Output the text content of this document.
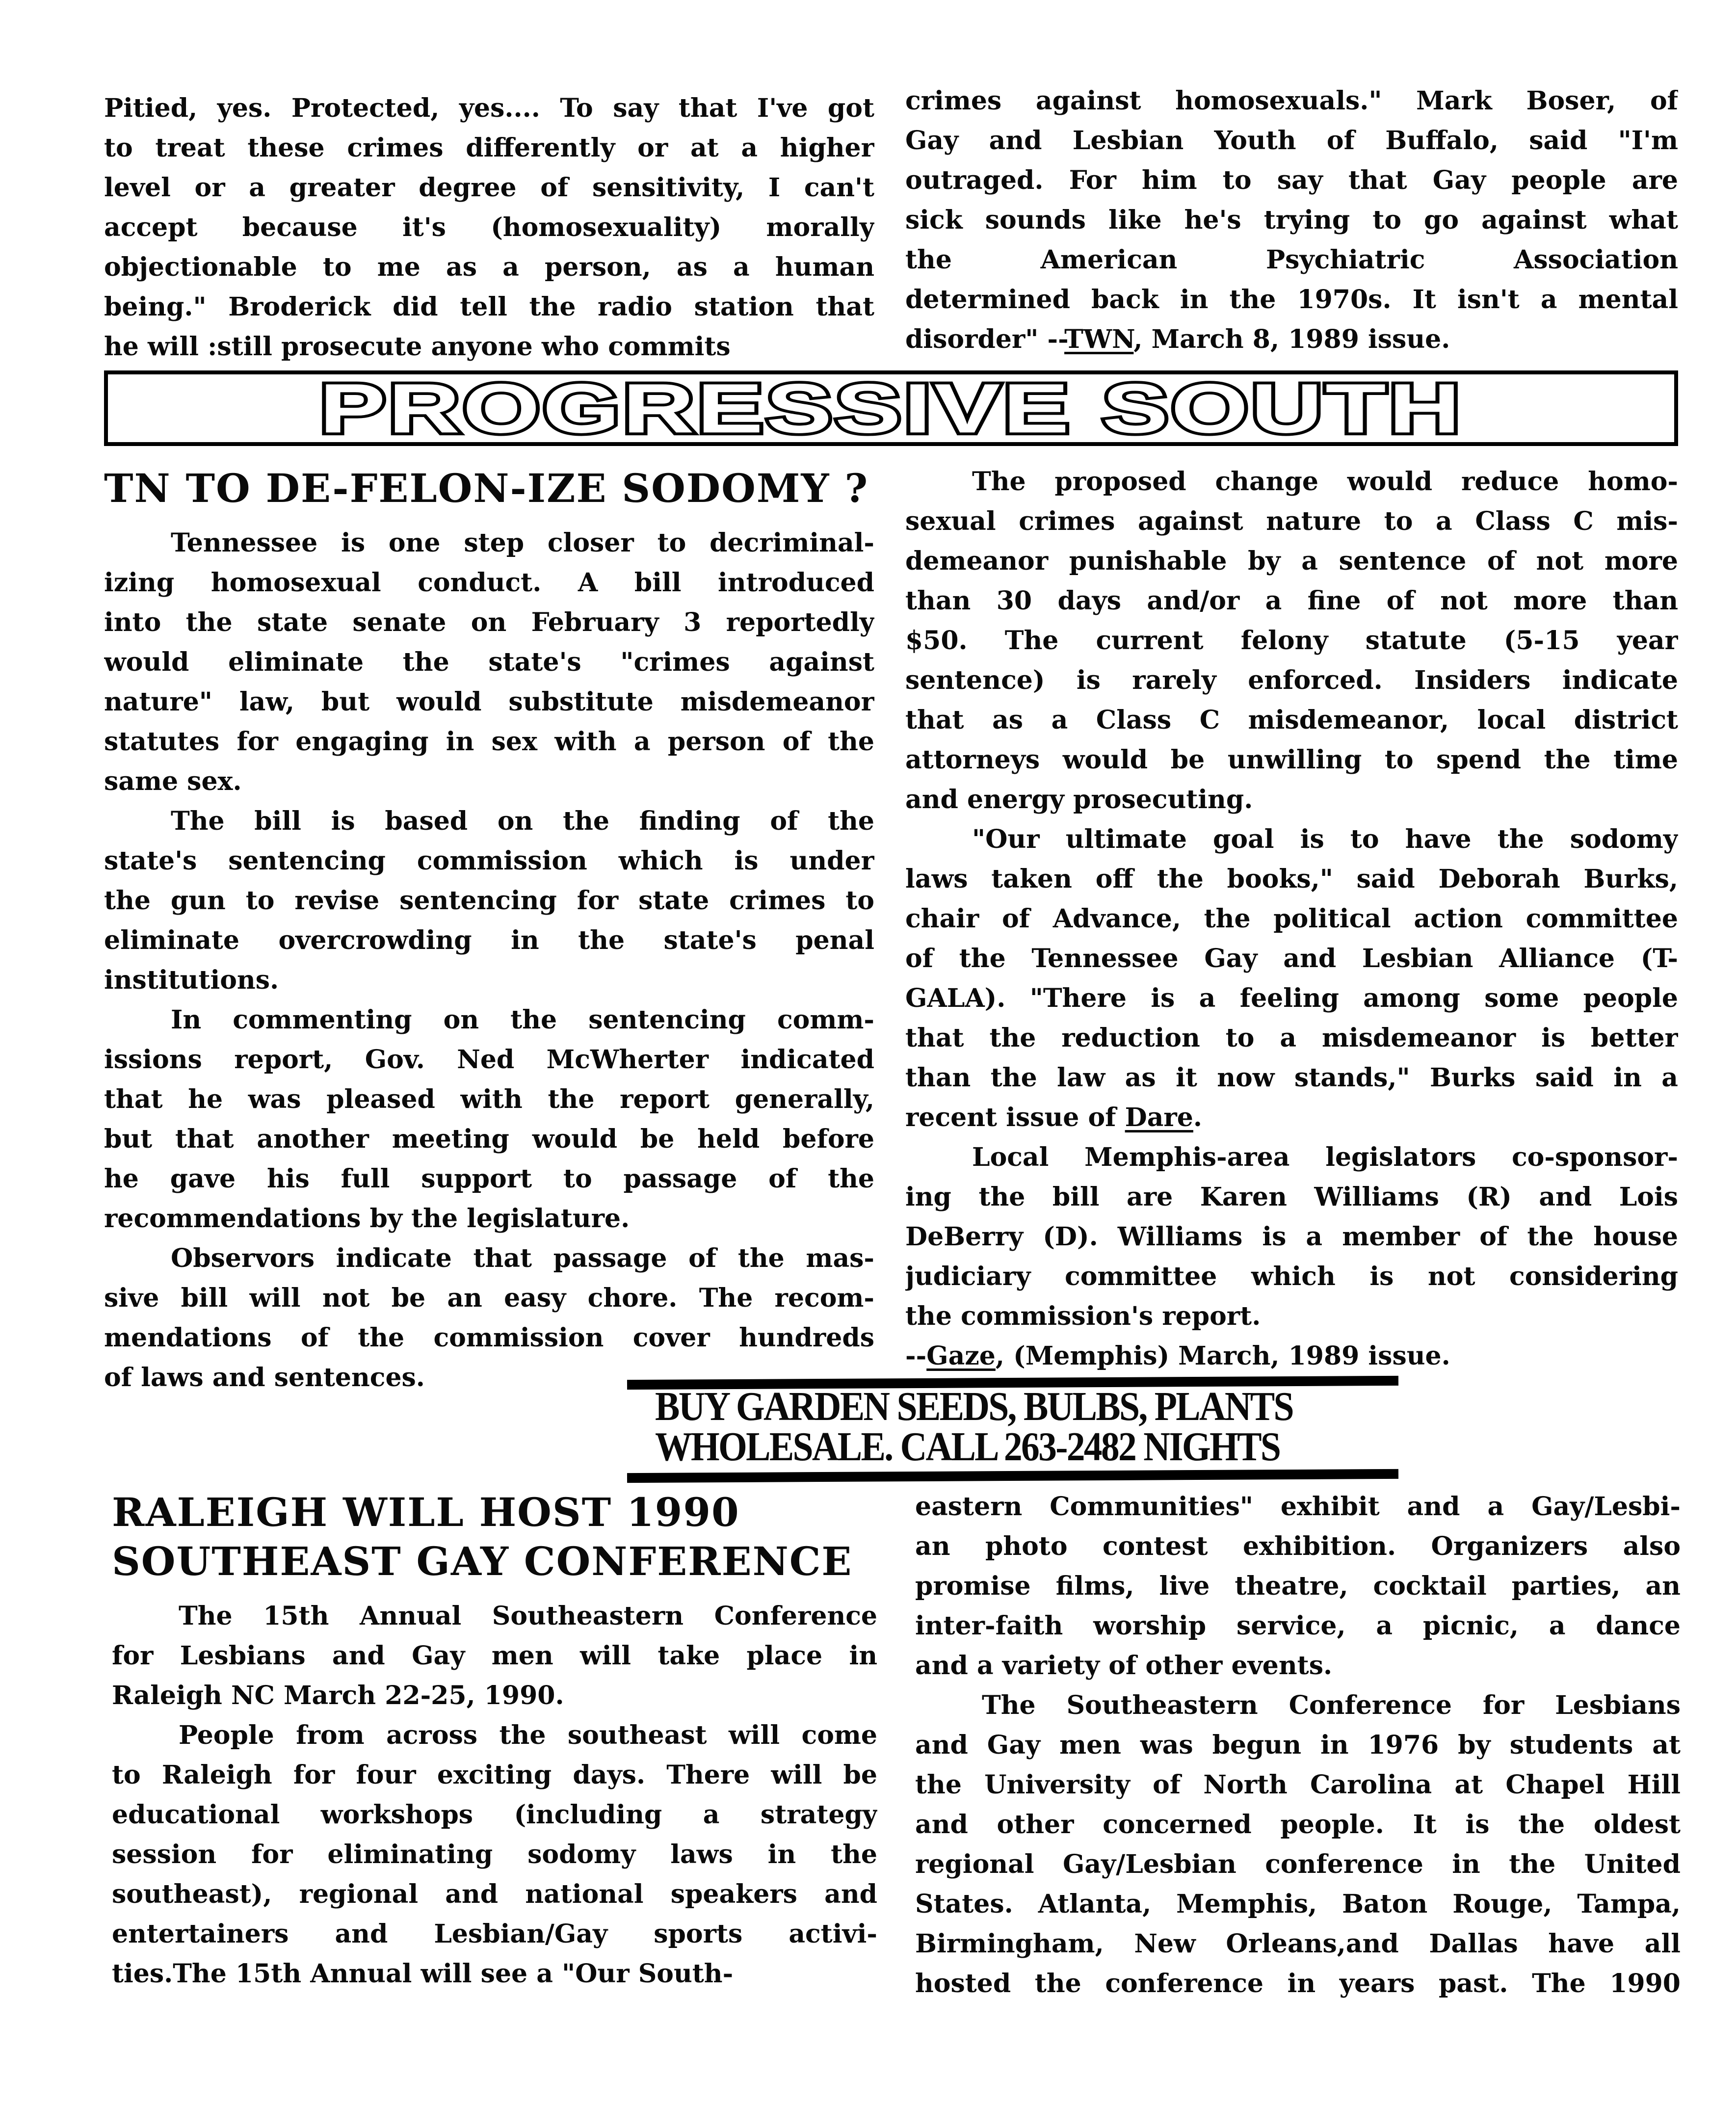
Pitied, yes. Protected, yes.... To say that I've got
to treat these crimes differently or at a higher
level or a greater degree of sensitivity, I can't
accept because it's (homosexuality) morally
objectionable to me as a person, as a human
being." Broderick did tell the radio station that
he will :still prosecute anyone who commits
crimes against homosexuals." Mark Boser, of
Gay and Lesbian Youth of Buffalo, said "I'm
outraged. For him to say that Gay people are
sick sounds like he's trying to go against what
the American Psychiatric Association
determined back in the 1970s. It isn't a mental
disorder" --TWN, March 8, 1989 issue.
PROGRESSIVE SOUTH
TN TO DE-FELON-IZE SODOMY ?
Tennessee is one step closer to decriminal-
izing homosexual conduct. A bill introduced
into the state senate on February 3 reportedly
would eliminate the state's "crimes against
nature" law, but would substitute misdemeanor
statutes for engaging in sex with a person of the
same sex.
The bill is based on the finding of the
state's sentencing commission which is under
the gun to revise sentencing for state crimes to
eliminate overcrowding in the state's penal
institutions.
In commenting on the sentencing comm-
issions report, Gov. Ned McWherter indicated
that he was pleased with the report generally,
but that another meeting would be held before
he gave his full support to passage of the
recommendations by the legislature.
Observors indicate that passage of the mas-
sive bill will not be an easy chore. The recom-
mendations of the commission cover hundreds
of laws and sentences.
The proposed change would reduce homo-
sexual crimes against nature to a Class C mis-
demeanor punishable by a sentence of not more
than 30 days and/or a fine of not more than
$50. The current felony statute (5-15 year
sentence) is rarely enforced. Insiders indicate
that as a Class C misdemeanor, local district
attorneys would be unwilling to spend the time
and energy prosecuting.
"Our ultimate goal is to have the sodomy
laws taken off the books," said Deborah Burks,
chair of Advance, the political action committee
of the Tennessee Gay and Lesbian Alliance (T-
GALA). "There is a feeling among some people
that the reduction to a misdemeanor is better
than the law as it now stands," Burks said in a
recent issue of Dare.
Local Memphis-area legislators co-sponsor-
ing the bill are Karen Williams (R) and Lois
DeBerry (D). Williams is a member of the house
judiciary committee which is not considering
the commission's report.
--Gaze, (Memphis) March, 1989 issue.
BUY GARDEN SEEDS, BULBS, PLANTS
WHOLESALE. CALL 263-2482 NIGHTS
RALEIGH WILL HOST 1990
SOUTHEAST GAY CONFERENCE
The 15th Annual Southeastern Conference
for Lesbians and Gay men will take place in
Raleigh NC March 22-25, 1990.
People from across the southeast will come
to Raleigh for four exciting days. There will be
educational workshops (including a strategy
session for eliminating sodomy laws in the
southeast), regional and national speakers and
entertainers and Lesbian/Gay sports activi-
ties.The 15th Annual will see a "Our South-
eastern Communities" exhibit and a Gay/Lesbi-
an photo contest exhibition. Organizers also
promise films, live theatre, cocktail parties, an
inter-faith worship service, a picnic, a dance
and a variety of other events.
The Southeastern Conference for Lesbians
and Gay men was begun in 1976 by students at
the University of North Carolina at Chapel Hill
and other concerned people. It is the oldest
regional Gay/Lesbian conference in the United
States. Atlanta, Memphis, Baton Rouge, Tampa,
Birmingham, New Orleans,and Dallas have all
hosted the conference in years past. The 1990
